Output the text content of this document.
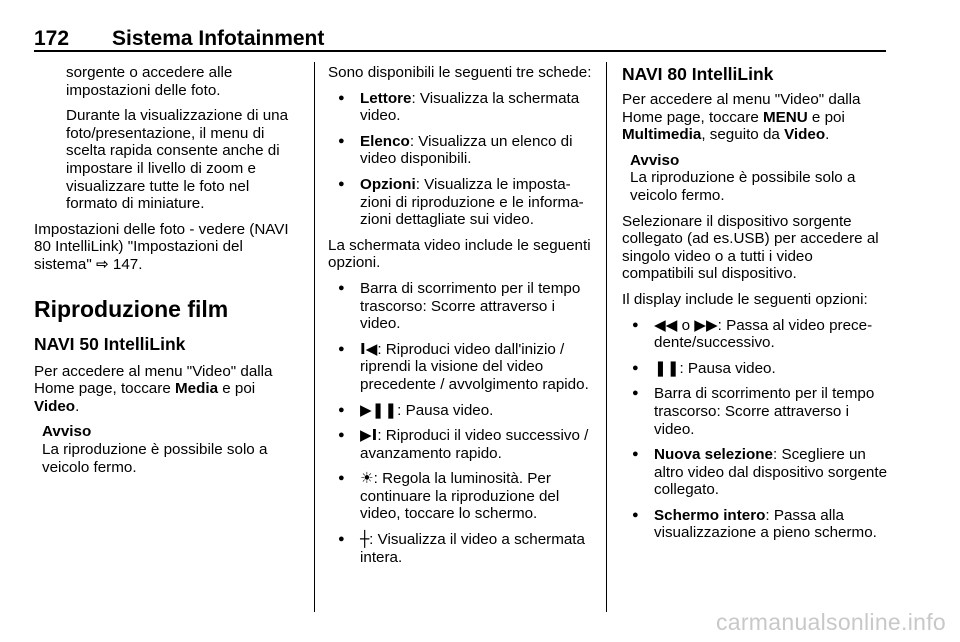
172 Sistema Infotainment

sorgente o accedere alle impostazioni delle foto.

Durante la visualizzazione di una foto/presentazione, il menu di scelta rapida consente anche di impostare il livello di zoom e visualizzare tutte le foto nel formato di miniature.

Impostazioni delle foto - vedere (NAVI 80 IntelliLink) "Impostazioni del sistema" ⇨ 147.

Riproduzione film
NAVI 50 IntelliLink

Per accedere al menu "Video" dalla Home page, toccare Media e poi Video.

Avviso
La riproduzione è possibile solo a veicolo fermo.

Sono disponibili le seguenti tre schede:

● Lettore: Visualizza la schermata video.
● Elenco: Visualizza un elenco di video disponibili.
● Opzioni: Visualizza le impostazioni di riproduzione e le informazioni dettagliate sui video.

La schermata video include le seguenti opzioni.

● Barra di scorrimento per il tempo trascorso: Scorre attraverso i video.
● I◀: Riproduci video dall'inizio / riprendi la visione del video precedente / avvolgimento rapido.
● ▶❚❚: Pausa video.
● ▶I: Riproduci il video successivo / avanzamento rapido.
● ☀: Regola la luminosità. Per continuare la riproduzione del video, toccare lo schermo.
● ┼: Visualizza il video a schermata intera.
NAVI 80 IntelliLink

Per accedere al menu "Video" dalla Home page, toccare MENU e poi Multimedia, seguito da Video.

Avviso
La riproduzione è possibile solo a veicolo fermo.

Selezionare il dispositivo sorgente collegato (ad es.USB) per accedere al singolo video o a tutti i video compatibili sul dispositivo.

Il display include le seguenti opzioni:

● ◀◀ o ▶▶: Passa al video precedente/successivo.
● ❚❚: Pausa video.
● Barra di scorrimento per il tempo trascorso: Scorre attraverso i video.
● Nuova selezione: Scegliere un altro video dal dispositivo sorgente collegato.
● Schermo intero: Passa alla visualizzazione a pieno schermo.
carmanualsonline.info
